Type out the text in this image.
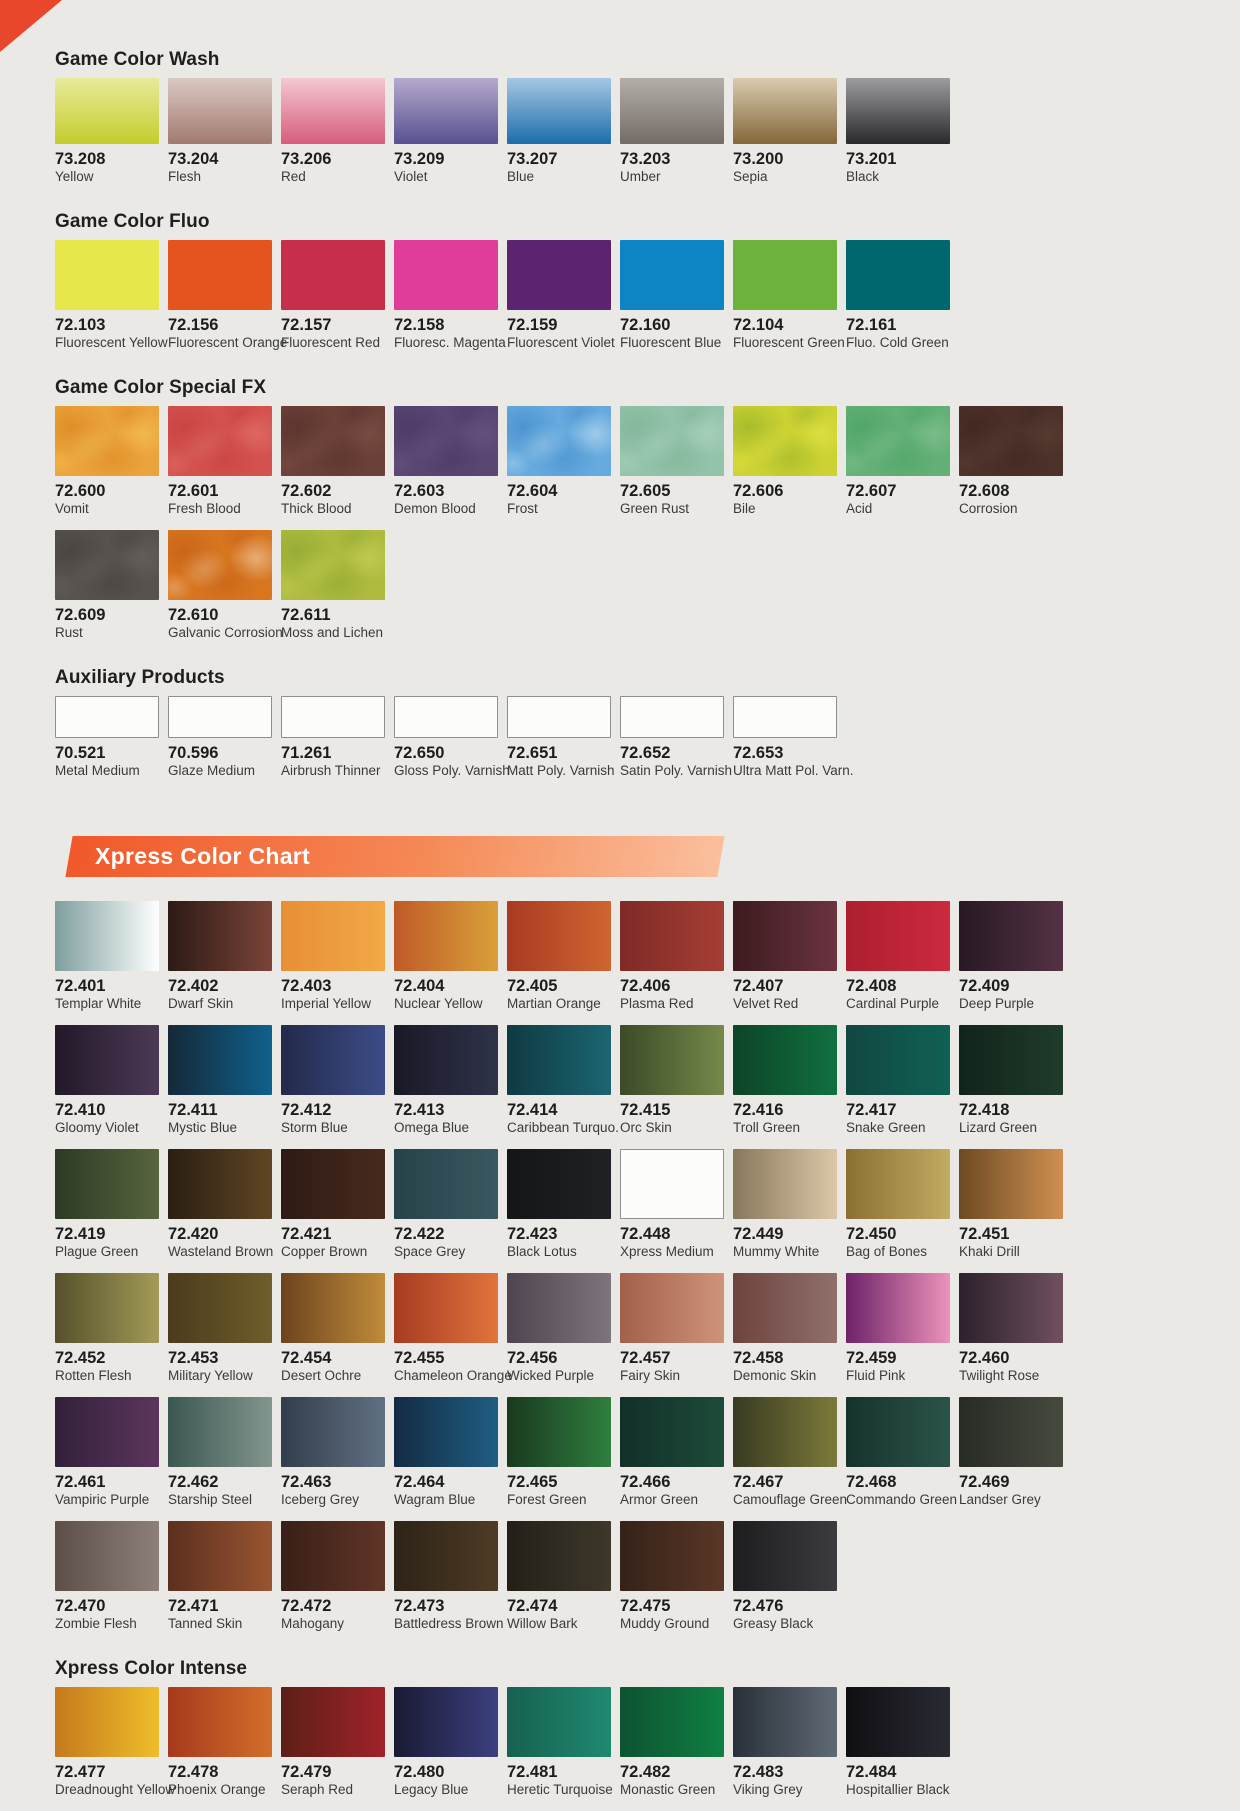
Game Color Wash
73.208
Yellow
73.204
Flesh
73.206
Red
73.209
Violet
73.207
Blue
73.203
Umber
73.200
Sepia
73.201
Black
Game Color Fluo
72.103
Fluorescent Yellow
72.156
Fluorescent Orange
72.157
Fluorescent Red
72.158
Fluoresc. Magenta
72.159
Fluorescent Violet
72.160
Fluorescent Blue
72.104
Fluorescent Green
72.161
Fluo. Cold Green
Game Color Special FX
72.600
Vomit
72.601
Fresh Blood
72.602
Thick Blood
72.603
Demon Blood
72.604
Frost
72.605
Green Rust
72.606
Bile
72.607
Acid
72.608
Corrosion
72.609
Rust
72.610
Galvanic Corrosion
72.611
Moss and Lichen
Auxiliary Products
70.521
Metal Medium
70.596
Glaze Medium
71.261
Airbrush Thinner
72.650
Gloss Poly. Varnish
72.651
Matt Poly. Varnish
72.652
Satin Poly. Varnish
72.653
Ultra Matt Pol. Varn.
Xpress Color Chart
72.401
Templar White
72.402
Dwarf Skin
72.403
Imperial Yellow
72.404
Nuclear Yellow
72.405
Martian Orange
72.406
Plasma Red
72.407
Velvet Red
72.408
Cardinal Purple
72.409
Deep Purple
72.410
Gloomy Violet
72.411
Mystic Blue
72.412
Storm Blue
72.413
Omega Blue
72.414
Caribbean Turquo.
72.415
Orc Skin
72.416
Troll Green
72.417
Snake Green
72.418
Lizard Green
72.419
Plague Green
72.420
Wasteland Brown
72.421
Copper Brown
72.422
Space Grey
72.423
Black Lotus
72.448
Xpress Medium
72.449
Mummy White
72.450
Bag of Bones
72.451
Khaki Drill
72.452
Rotten Flesh
72.453
Military Yellow
72.454
Desert Ochre
72.455
Chameleon Orange
72.456
Wicked Purple
72.457
Fairy Skin
72.458
Demonic Skin
72.459
Fluid Pink
72.460
Twilight Rose
72.461
Vampiric Purple
72.462
Starship Steel
72.463
Iceberg Grey
72.464
Wagram Blue
72.465
Forest Green
72.466
Armor Green
72.467
Camouflage Green
72.468
Commando Green
72.469
Landser Grey
72.470
Zombie Flesh
72.471
Tanned Skin
72.472
Mahogany
72.473
Battledress Brown
72.474
Willow Bark
72.475
Muddy Ground
72.476
Greasy Black
Xpress Color Intense
72.477
Dreadnought Yellow
72.478
Phoenix Orange
72.479
Seraph Red
72.480
Legacy Blue
72.481
Heretic Turquoise
72.482
Monastic Green
72.483
Viking Grey
72.484
Hospitallier Black
